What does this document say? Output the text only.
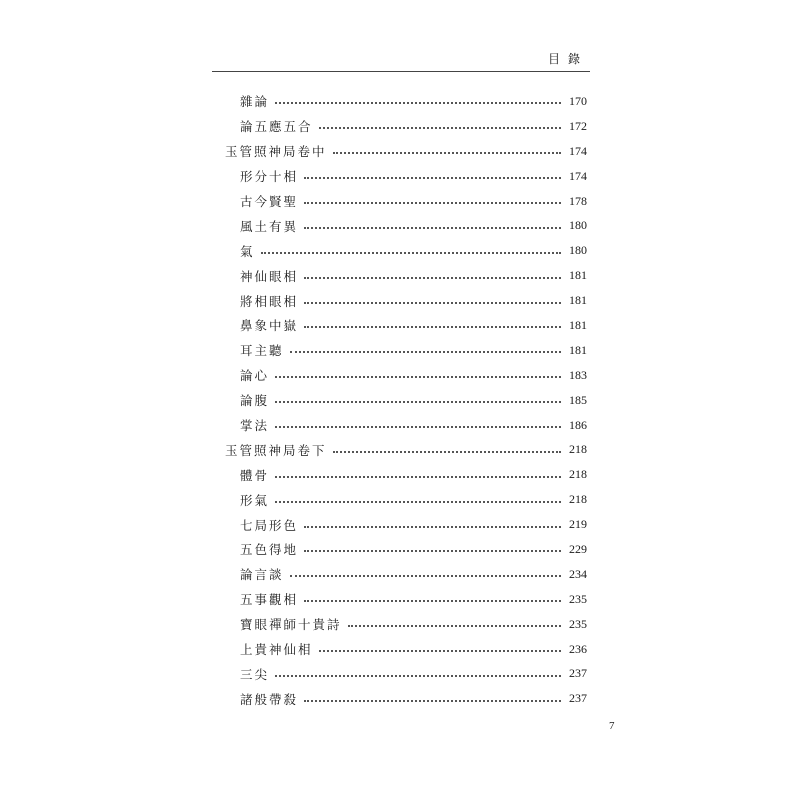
目錄
雜論	170
論五應五合	172
玉管照神局卷中	174
形分十相	174
古今賢聖	178
風土有異	180
氣	180
神仙眼相	181
將相眼相	181
鼻象中嶽	181
耳主聽	181
論心	183
論腹	185
掌法	186
玉管照神局卷下	218
體骨	218
形氣	218
七局形色	219
五色得地	229
論言談	234
五事觀相	235
寶眼禪師十貴詩	235
上貴神仙相	236
三尖	237
諸般帶殺	237
7
